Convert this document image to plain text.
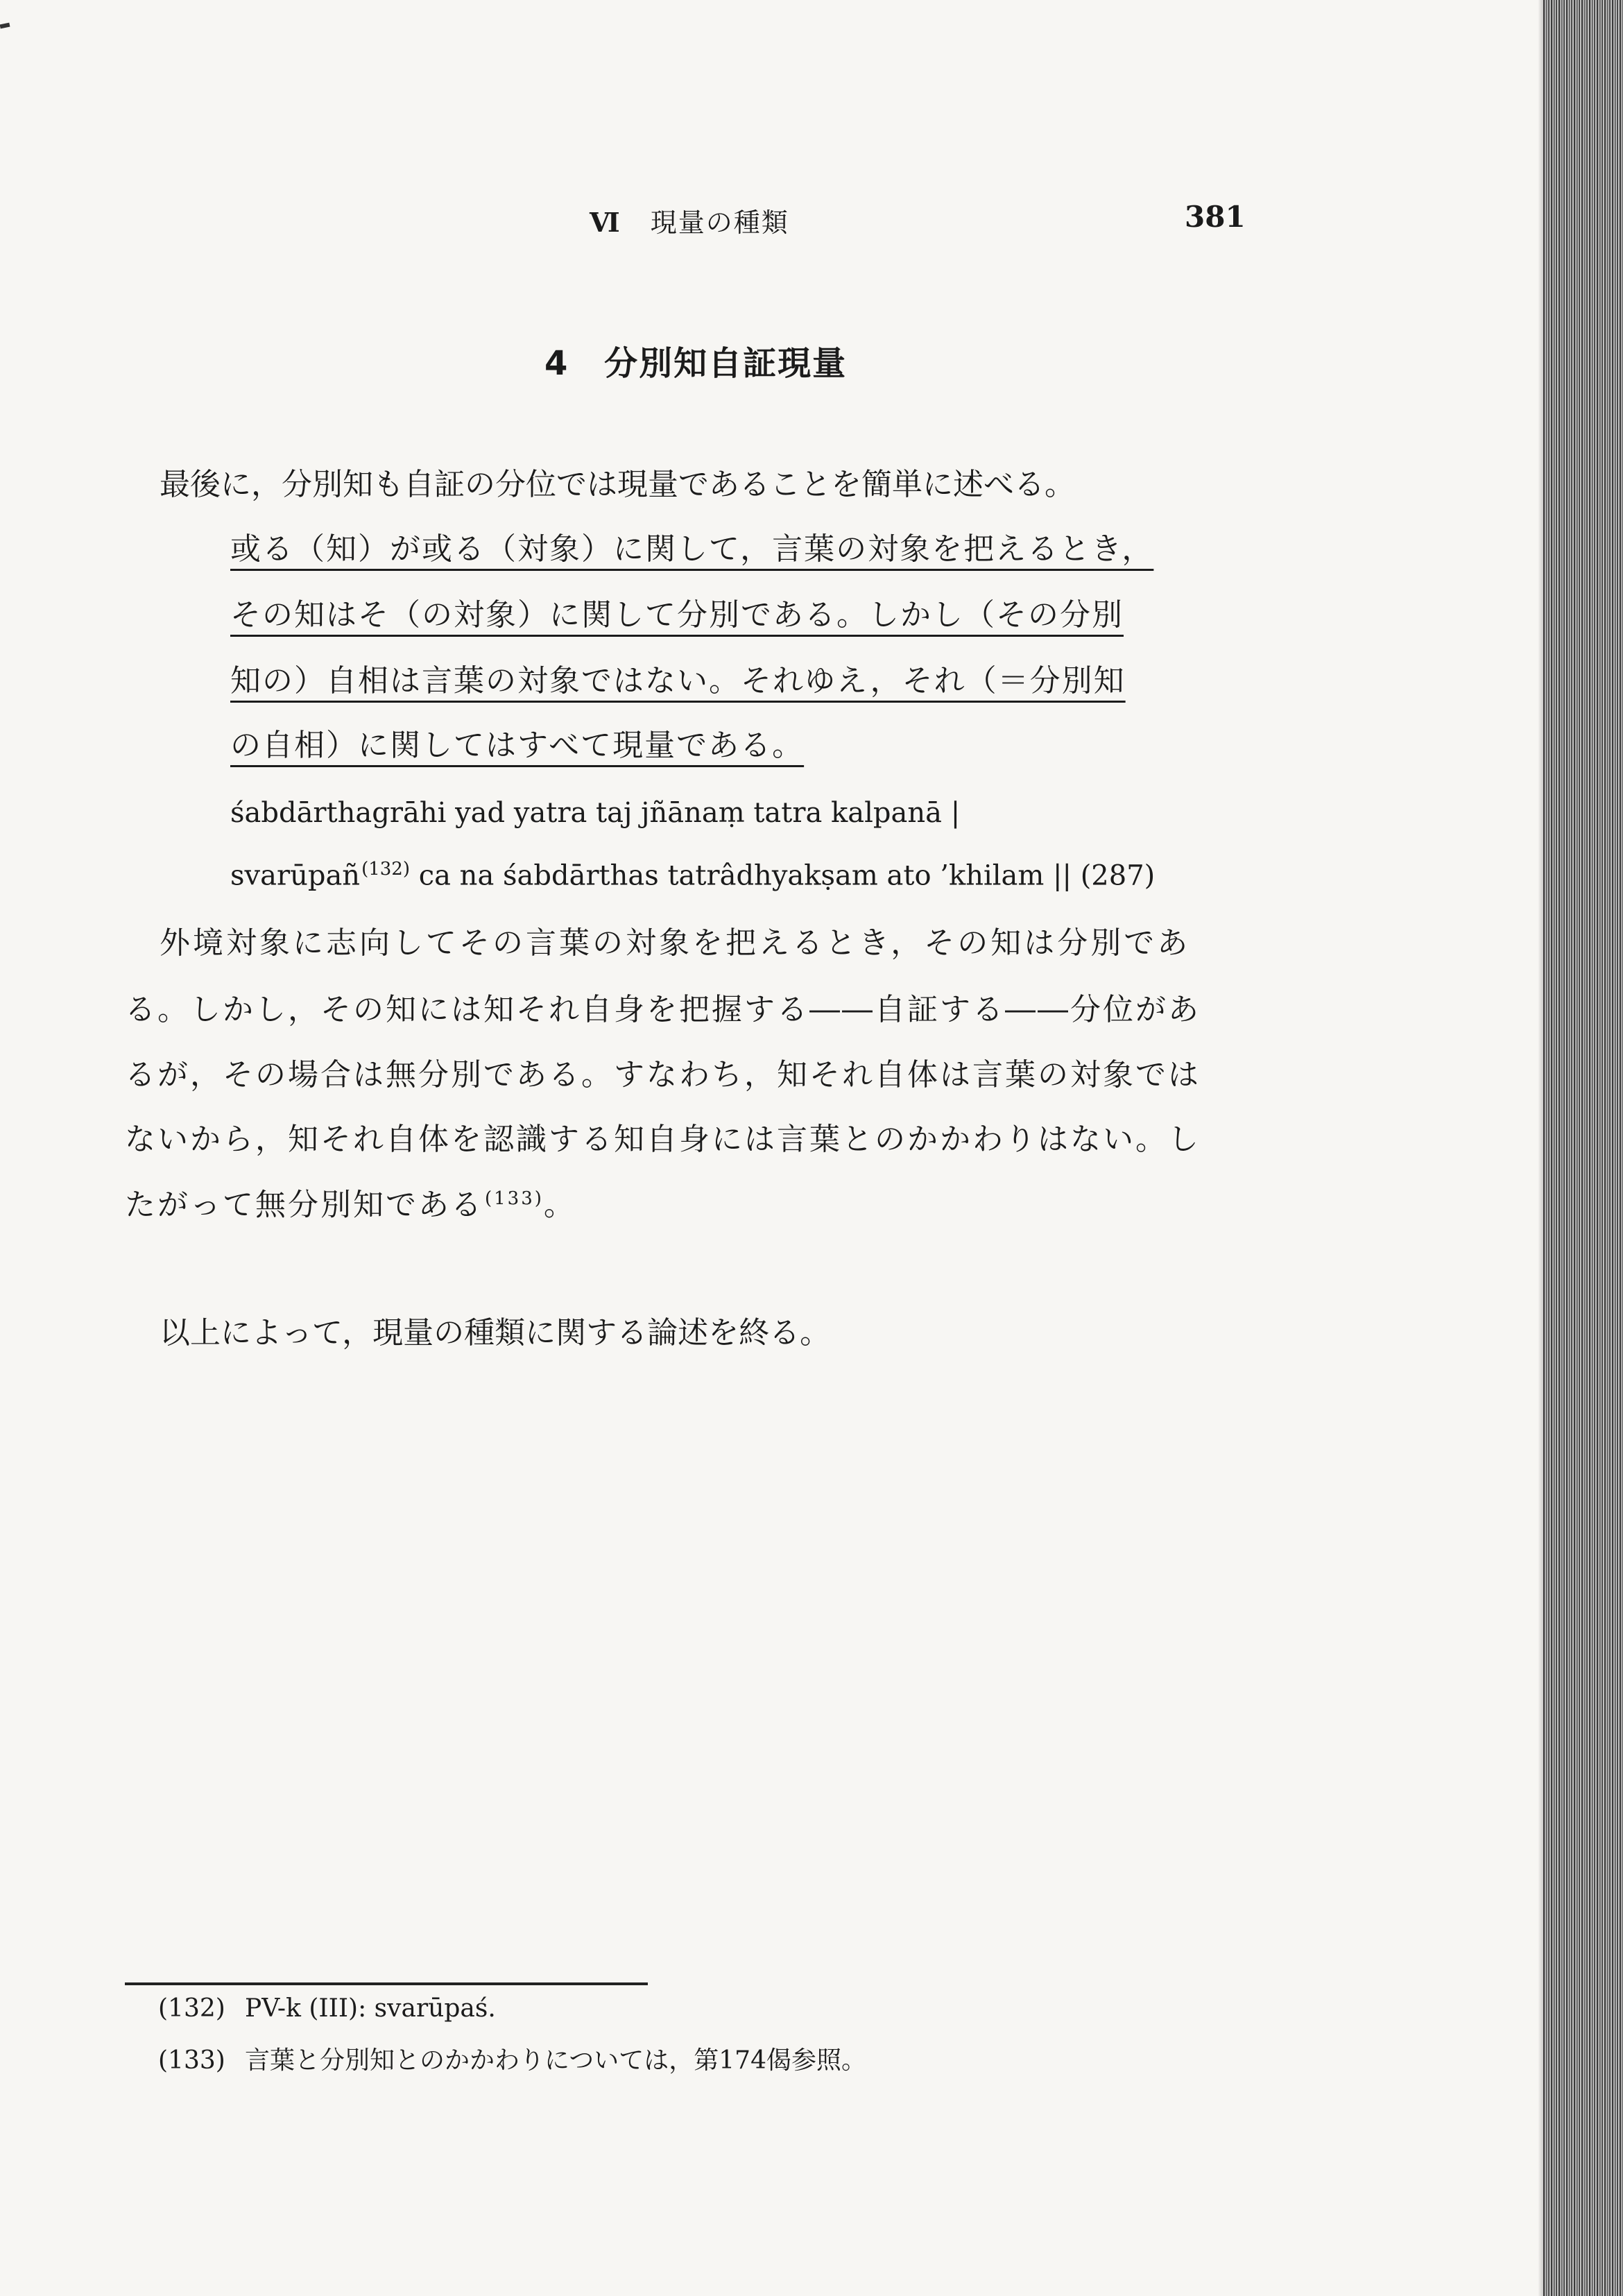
Ⅵ 現量の種類	381
4 分別知自証現量
最後に，分別知も自証の分位では現量であることを簡単に述べる。
或る（知）が或る（対象）に関して，言葉の対象を把えるとき，
その知はそ（の対象）に関して分別である。しかし（その分別
知の）自相は言葉の対象ではない。それゆえ，それ（＝分別知
の自相）に関してはすべて現量である。
śabdārthagrāhi yad yatra taj jñānaṃ tatra kalpanā |
svarūpañ$^{(132)}$ ca na śabdārthas tatrâdhyakṣam ato ’khilam || (287)
外境対象に志向してその言葉の対象を把えるとき，その知は分別であ
る。しかし，その知には知それ自身を把握する――自証する――分位があ
るが，その場合は無分別である。すなわち，知それ自体は言葉の対象では
ないから，知それ自体を認識する知自身には言葉とのかかわりはない。し
たがって無分別知である$^{(133)}$。
以上によって，現量の種類に関する論述を終る。
(132) PV-k (III): svarūpaś.
(133) 言葉と分別知とのかかわりについては，第174偈参照。
